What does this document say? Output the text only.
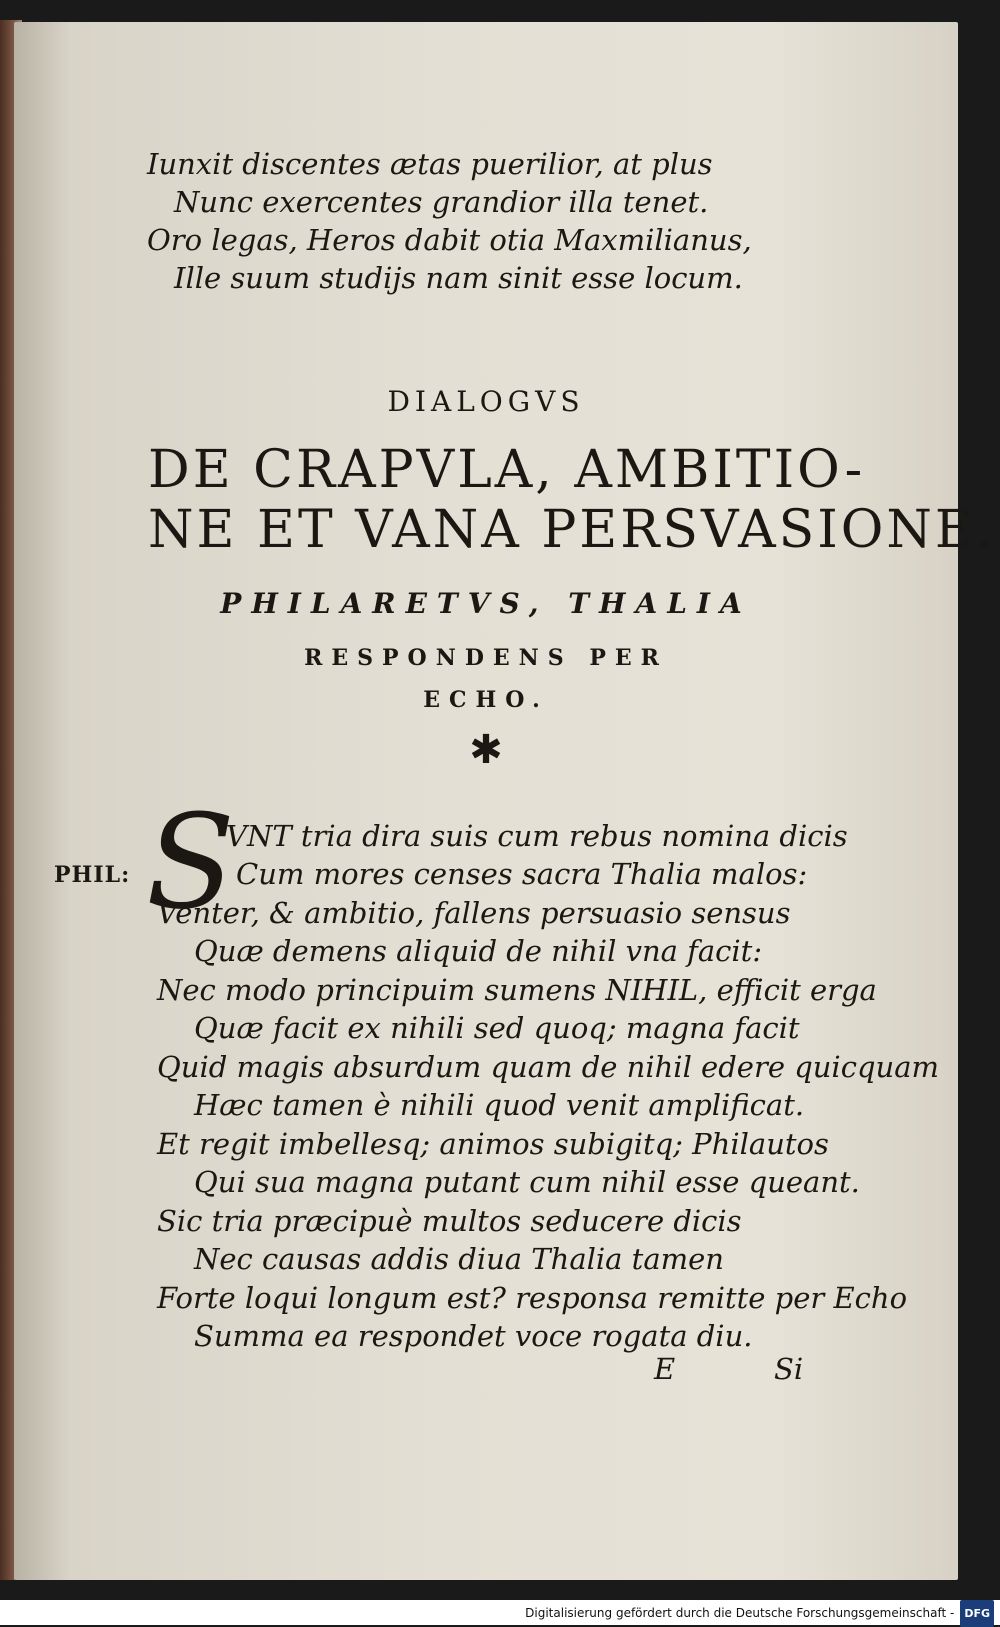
Iunxit discentes ætas puerilior, at plus
Nunc exercentes grandior illa tenet.
Oro legas, Heros dabit otia Maxmilianus,
Ille suum studijs nam sinit esse locum.
DIALOGVS
DE CRAPVLA, AMBITIO-
NE ET VANA PERSVASIONE.
PHILARETVS, THALIA
RESPONDENS PER
ECHO.
✱
PHIL: S
VNT tria dira suis cum rebus nomina dicis
Cum mores censes sacra Thalia malos:
Venter, & ambitio, fallens persuasio sensus
Quæ demens aliquid de nihil vna facit:
Nec modo principuim sumens NIHIL, efficit erga
Quæ facit ex nihili sed quoq; magna facit
Quid magis absurdum quam de nihil edere quicquam
Hæc tamen è nihili quod venit amplificat.
Et regit imbellesq; animos subigitq; Philautos
Qui sua magna putant cum nihil esse queant.
Sic tria præcipuè multos seducere dicis
Nec causas addis diua Thalia tamen
Forte loqui longum est? responsa remitte per Echo
Summa ea respondet voce rogata diu.
E	Si
Digitalisierung gefördert durch die Deutsche Forschungsgemeinschaft - DFG
